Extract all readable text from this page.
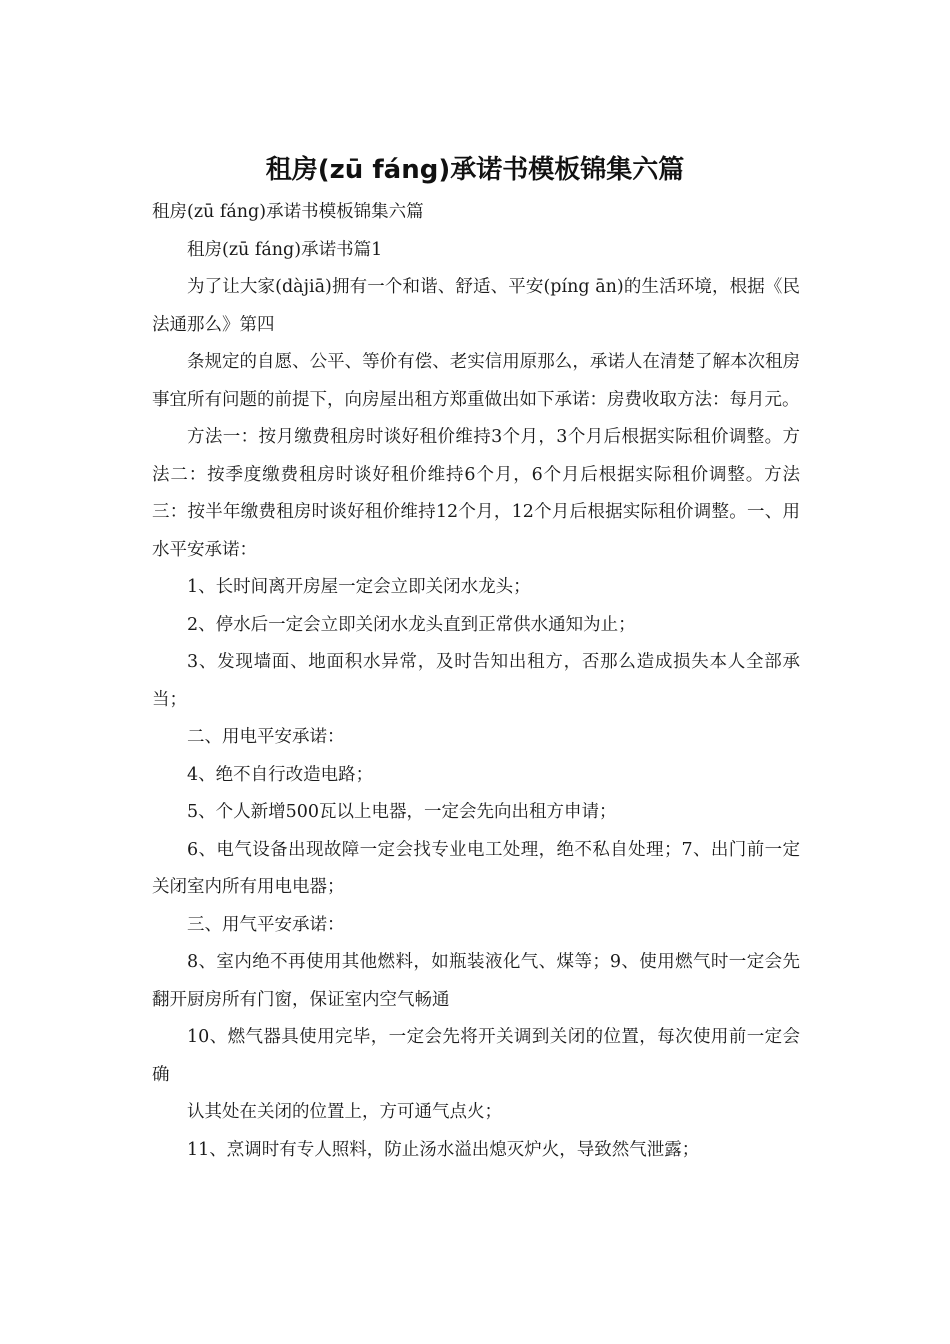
租房(zū fáng)承诺书模板锦集六篇

租房(zū fáng)承诺书模板锦集六篇

租房(zū fáng)承诺书篇1

为了让大家(dàjiā)拥有一个和谐、舒适、平安(píng ān)的生活环境，根据《民法通那么》第四

条规定的自愿、公平、等价有偿、老实信用原那么，承诺人在清楚了解本次租房事宜所有问题的前提下，向房屋出租方郑重做出如下承诺：房费收取方法：每月元。

方法一：按月缴费租房时谈好租价维持3个月，3个月后根据实际租价调整。方法二：按季度缴费租房时谈好租价维持6个月，6个月后根据实际租价调整。方法三：按半年缴费租房时谈好租价维持12个月，12个月后根据实际租价调整。一、用水平安承诺：

1、长时间离开房屋一定会立即关闭水龙头；

2、停水后一定会立即关闭水龙头直到正常供水通知为止；

3、发现墙面、地面积水异常，及时告知出租方，否那么造成损失本人全部承当；

二、用电平安承诺：

4、绝不自行改造电路；

5、个人新增500瓦以上电器，一定会先向出租方申请；

6、电气设备出现故障一定会找专业电工处理，绝不私自处理；7、出门前一定关闭室内所有用电电器；

三、用气平安承诺：

8、室内绝不再使用其他燃料，如瓶装液化气、煤等；9、使用燃气时一定会先翻开厨房所有门窗，保证室内空气畅通

10、燃气器具使用完毕，一定会先将开关调到关闭的位置，每次使用前一定会确

认其处在关闭的位置上，方可通气点火；

11、烹调时有专人照料，防止汤水溢出熄灭炉火，导致然气泄露；
